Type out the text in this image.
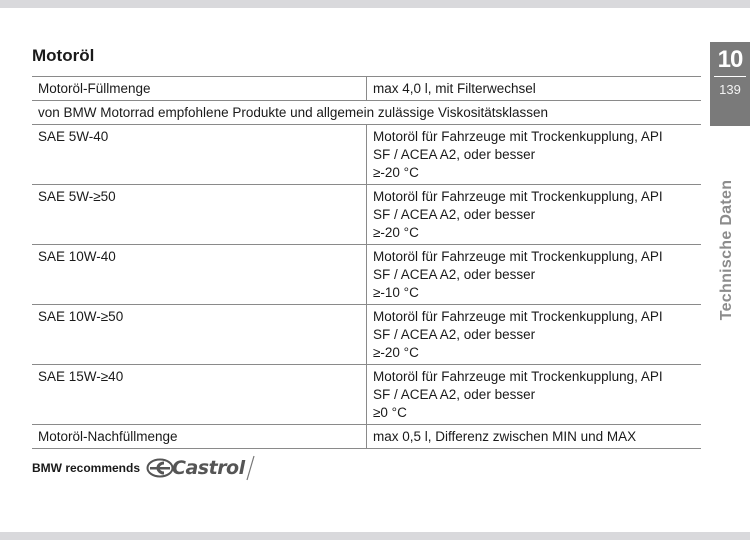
Motoröl
Motoröl-Füllmenge	max 4,0 l, mit Filterwechsel
von BMW Motorrad empfohlene Produkte und allgemein zulässige Viskositätsklassen	
SAE 5W-40	Motoröl für Fahrzeuge mit Trockenkupplung, API
SF / ACEA A2, oder besser
≥-20 °C

SAE 5W-≥50	Motoröl für Fahrzeuge mit Trockenkupplung, API
SF / ACEA A2, oder besser
≥-20 °C

SAE 10W-40	Motoröl für Fahrzeuge mit Trockenkupplung, API
SF / ACEA A2, oder besser
≥-10 °C

SAE 10W-≥50	Motoröl für Fahrzeuge mit Trockenkupplung, API
SF / ACEA A2, oder besser
≥-20 °C

SAE 15W-≥40	Motoröl für Fahrzeuge mit Trockenkupplung, API
SF / ACEA A2, oder besser
≥0 °C

Motoröl-Nachfüllmenge	max 0,5 l, Differenz zwischen MIN und MAX
BMW recommends Castrol
10
139
Technische Daten
